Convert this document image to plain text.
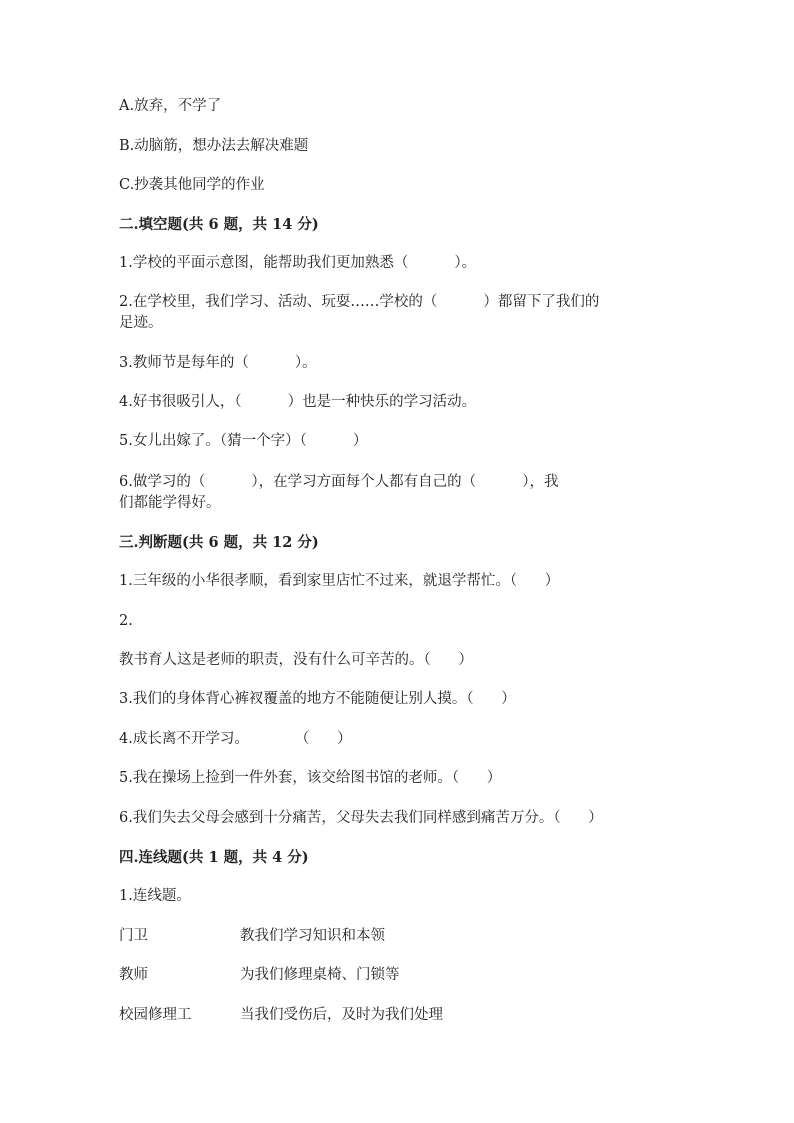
A.放弃，不学了
B.动脑筋，想办法去解决难题
C.抄袭其他同学的作业
二.填空题(共 6 题，共 14 分)
1.学校的平面示意图，能帮助我们更加熟悉（          ）。
2.在学校里，我们学习、活动、玩耍……学校的（          ）都留下了我们的
足迹。
3.教师节是每年的（          ）。
4.好书很吸引人，（          ）也是一种快乐的学习活动。
5.女儿出嫁了。（猜一个字）（          ）
6.做学习的（          ），在学习方面每个人都有自己的（          ），我
们都能学得好。
三.判断题(共 6 题，共 12 分)
1.三年级的小华很孝顺，看到家里店忙不过来，就退学帮忙。（      ）
2.
教书育人这是老师的职责，没有什么可辛苦的。（      ）
3.我们的身体背心裤衩覆盖的地方不能随便让别人摸。（      ）
4.成长离不开学习。          （      ）
5.我在操场上捡到一件外套，该交给图书馆的老师。（      ）
6.我们失去父母会感到十分痛苦，父母失去我们同样感到痛苦万分。（      ）
四.连线题(共 1 题，共 4 分)
1.连线题。
门卫	教我们学习知识和本领
教师	为我们修理桌椅、门锁等
校园修理工	当我们受伤后，及时为我们处理
